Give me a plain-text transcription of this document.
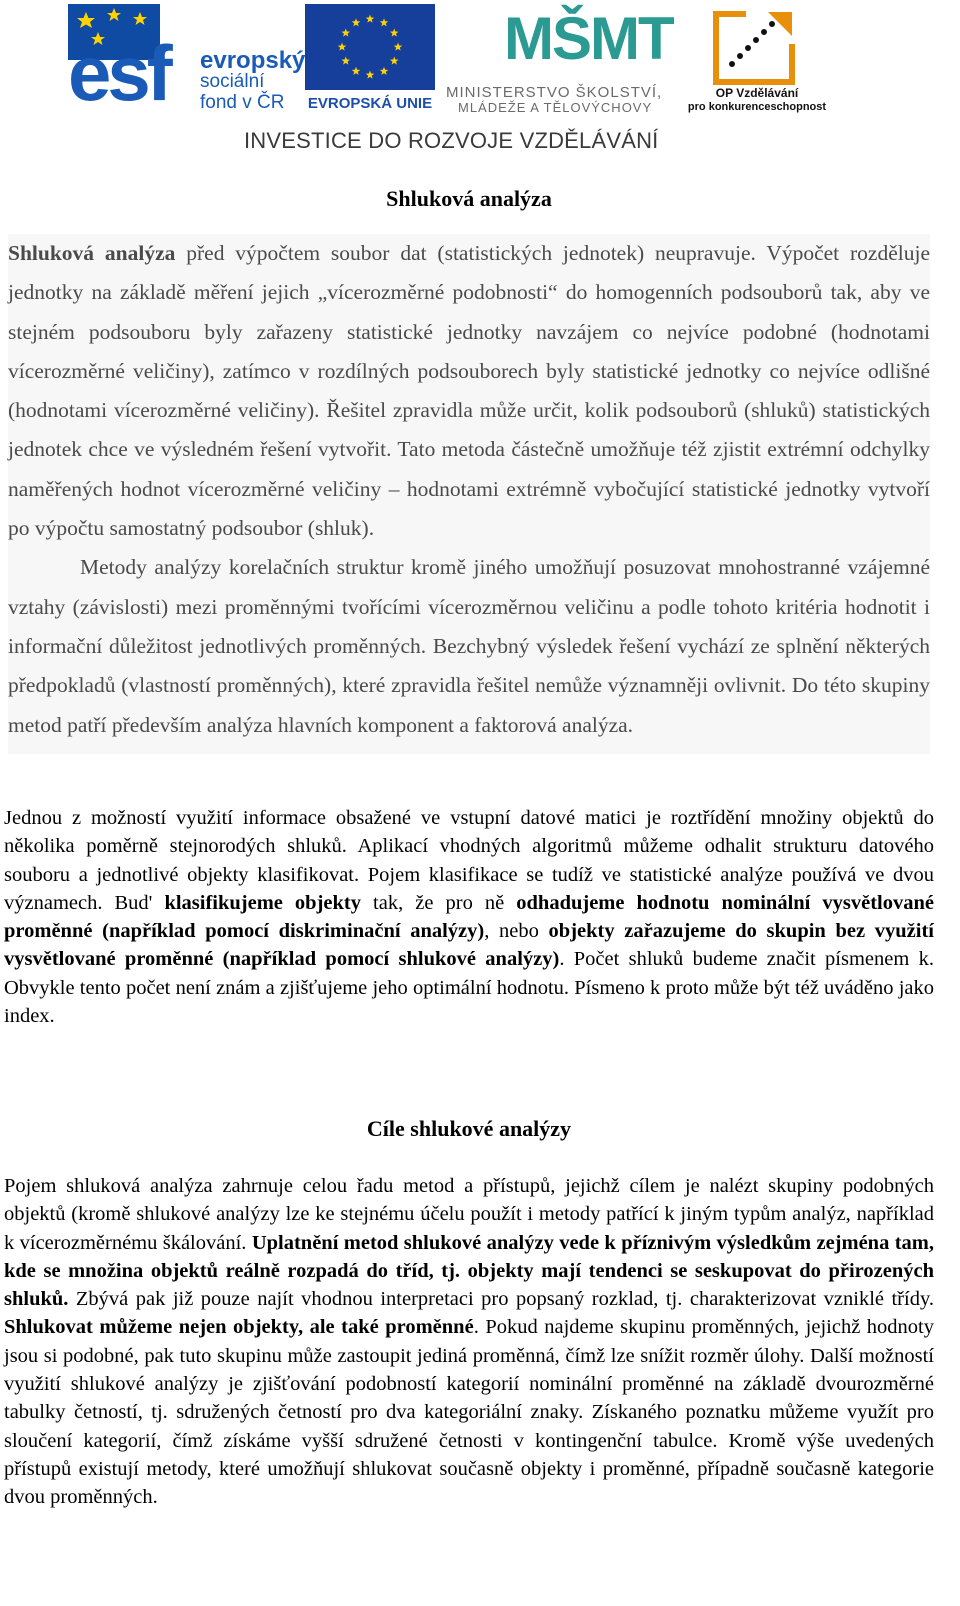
esf evropský
sociální
fond v ČR	EVROPSKÁ UNIE
MŠMT
MINISTERSTVO ŠKOLSTVÍ,
MLÁDEŽE A TĚLOVÝCHOVY
OP Vzdělávání
pro konkurenceschopnost
INVESTICE DO ROZVOJE VZDĚLÁVÁNÍ
Shluková analýza

Shluková analýza před výpočtem soubor dat (statistických jednotek) neupravuje. Výpočet rozděluje jednotky na základě měření jejich „vícerozměrné podobnosti“ do homogenních podsouborů tak, aby ve stejném podsouboru byly zařazeny statistické jednotky navzájem co nejvíce podobné (hodnotami vícerozměrné veličiny), zatímco v rozdílných podsouborech byly statistické jednotky co nejvíce odlišné (hodnotami vícerozměrné veličiny). Řešitel zpravidla může určit, kolik podsouborů (shluků) statistických jednotek chce ve výsledném řešení vytvořit. Tato metoda částečně umožňuje též zjistit extrémní odchylky naměřených hodnot vícerozměrné veličiny – hodnotami extrémně vybočující statistické jednotky vytvoří po výpočtu samostatný podsoubor (shluk).

Metody analýzy korelačních struktur kromě jiného umožňují posuzovat mnohostranné vzájemné vztahy (závislosti) mezi proměnnými tvořícími vícerozměrnou veličinu a podle tohoto kritéria hodnotit i informační důležitost jednotlivých proměnných. Bezchybný výsledek řešení vychází ze splnění některých předpokladů (vlastností proměnných), které zpravidla řešitel nemůže významněji ovlivnit. Do této skupiny metod patří především analýza hlavních komponent a faktorová analýza.

Jednou z možností využití informace obsažené ve vstupní datové matici je roztřídění množiny objektů do několika poměrně stejnorodých shluků. Aplikací vhodných algoritmů můžeme odhalit strukturu datového souboru a jednotlivé objekty klasifikovat. Pojem klasifikace se tudíž ve statistické analýze používá ve dvou významech. Bud' klasifikujeme objekty tak, že pro ně odhadujeme hodnotu nominální vysvětlované proměnné (například pomocí diskriminační analýzy), nebo objekty zařazujeme do skupin bez využití vysvětlované proměnné (například pomocí shlukové analýzy). Počet shluků budeme značit písmenem k. Obvykle tento počet není znám a zjišťujeme jeho optimální hodnotu. Písmeno k proto může být též uváděno jako index.

Cíle shlukové analýzy

Pojem shluková analýza zahrnuje celou řadu metod a přístupů, jejichž cílem je nalézt skupiny podobných objektů (kromě shlukové analýzy lze ke stejnému účelu použít i metody patřící k jiným typům analýz, například k vícerozměrnému škálování. Uplatnění metod shlukové analýzy vede k příznivým výsledkům zejména tam, kde se množina objektů reálně rozpadá do tříd, tj. objekty mají tendenci se seskupovat do přirozených shluků. Zbývá pak již pouze najít vhodnou interpretaci pro popsaný rozklad, tj. charakterizovat vzniklé třídy. Shlukovat můžeme nejen objekty, ale také proměnné. Pokud najdeme skupinu proměnných, jejichž hodnoty jsou si podobné, pak tuto skupinu může zastoupit jediná proměnná, čímž lze snížit rozměr úlohy. Další možností využití shlukové analýzy je zjišťování podobností kategorií nominální proměnné na základě dvourozměrné tabulky četností, tj. sdružených četností pro dva kategoriální znaky. Získaného poznatku můžeme využít pro sloučení kategorií, čímž získáme vyšší sdružené četnosti v kontingenční tabulce. Kromě výše uvedených přístupů existují metody, které umožňují shlukovat současně objekty i proměnné, případně současně kategorie dvou proměnných.
